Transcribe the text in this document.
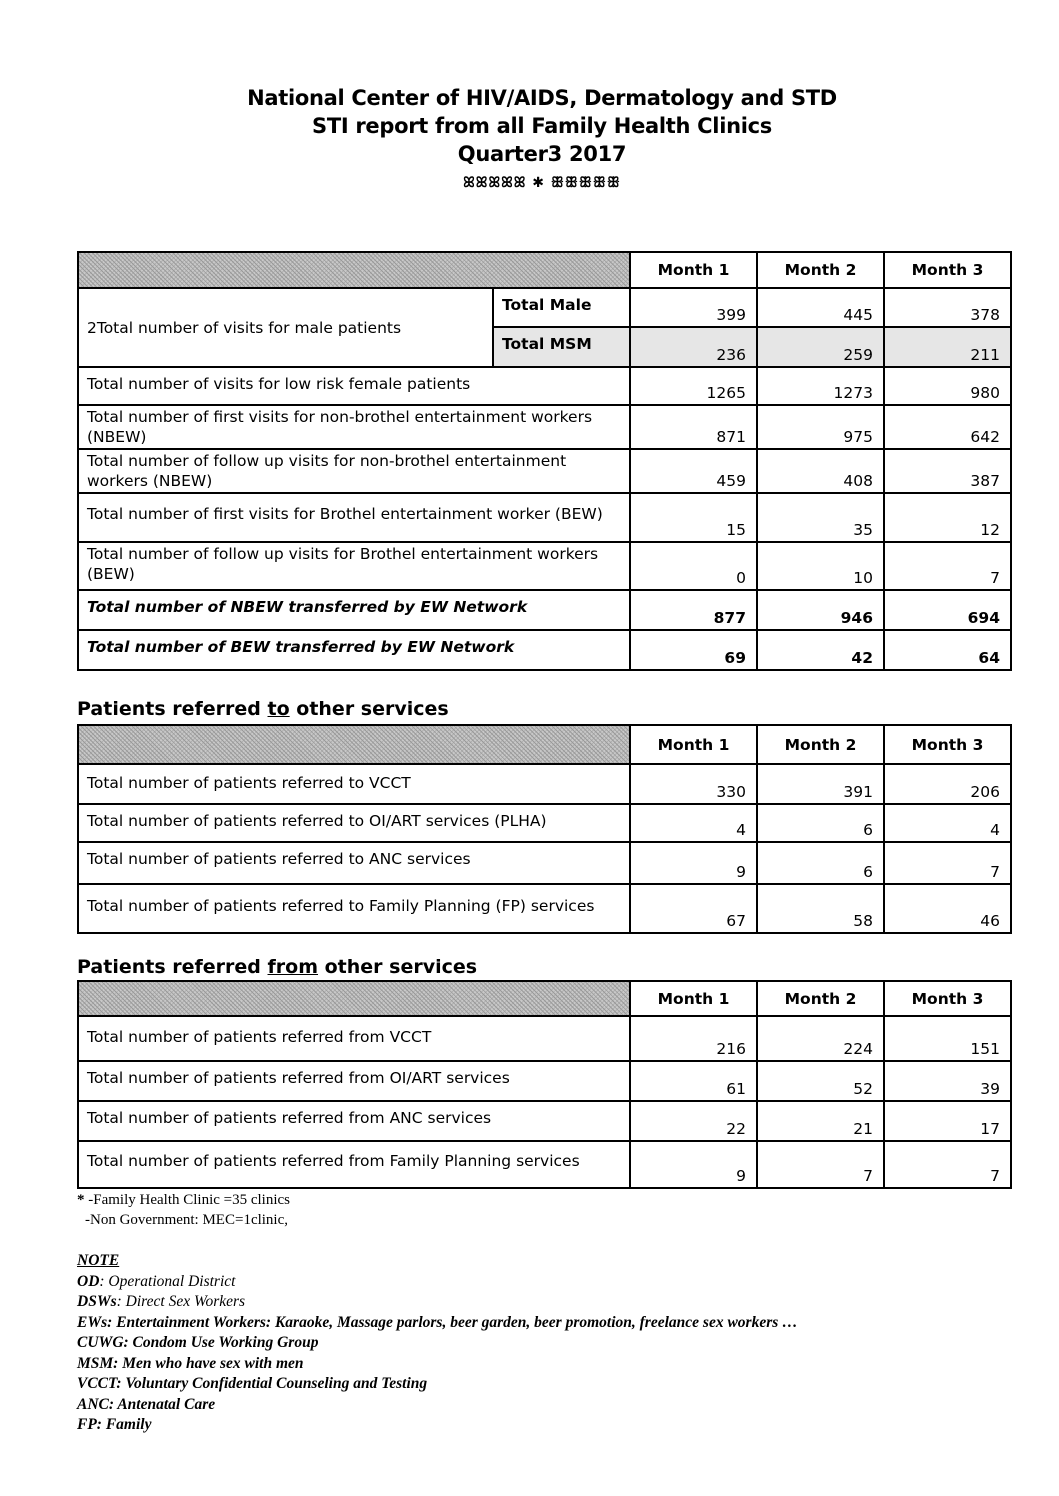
National Center of HIV/AIDS, Dermatology and STD
STI report from all Family Health Clinics
Quarter3 2017
ꕤꕤꕤꕤꕤ ✱ ꕥꕥꕥꕥꕥ
		Month 1	Month 2	Month 3
2Total number of visits for male patients	Total Male	399	445	378
	Total MSM	236	259	211
Total number of visits for low risk female patients		1265	1273	980
Total number of first visits for non-brothel entertainment workers (NBEW)		871	975	642
Total number of follow up visits for non-brothel entertainment workers (NBEW)		459	408	387
Total number of first visits for Brothel entertainment worker (BEW)		15	35	12
Total number of follow up visits for Brothel entertainment workers (BEW)		0	10	7
Total number of NBEW transferred by EW Network		877	946	694
Total number of BEW transferred by EW Network		69	42	64
Patients referred to other services
	Month 1	Month 2	Month 3
Total number of patients referred to VCCT	330	391	206
Total number of patients referred to OI/ART services (PLHA)	4	6	4
Total number of patients referred to ANC services	9	6	7
Total number of patients referred to Family Planning (FP) services	67	58	46
Patients referred from other services
	Month 1	Month 2	Month 3
Total number of patients referred from VCCT	216	224	151
Total number of patients referred from OI/ART services	61	52	39
Total number of patients referred from ANC services	22	21	17
Total number of patients referred from Family Planning services	9	7	7
* -Family Health Clinic =35 clinics
-Non Government: MEC=1clinic,
NOTE
OD: Operational District
DSWs: Direct Sex Workers
EWs: Entertainment Workers: Karaoke, Massage parlors, beer garden, beer promotion, freelance sex workers …
CUWG: Condom Use Working Group
MSM: Men who have sex with men
VCCT: Voluntary Confidential Counseling and Testing
ANC: Antenatal Care
FP: Family
